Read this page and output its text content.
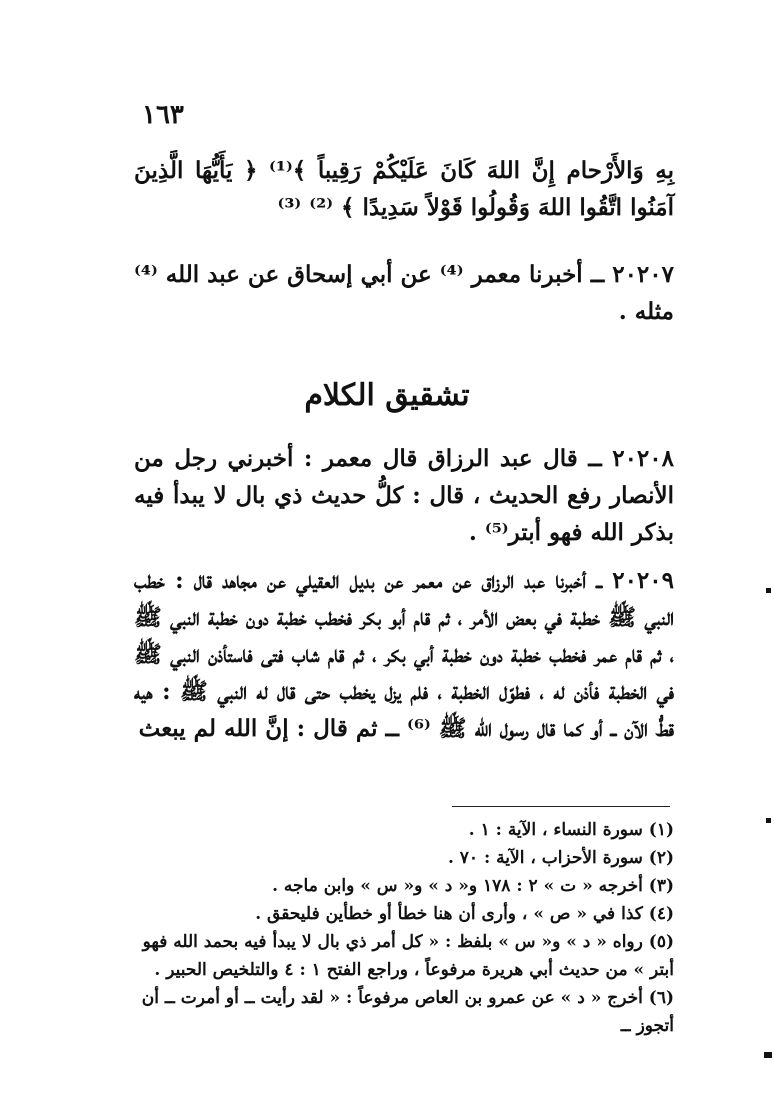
١٦٣
بِهِ وَالأَرْحام إِنَّ اللهَ كَانَ عَلَيْكُمْ رَقِيباً ﴾⁽¹⁾ ﴿ يَأَيُّهَا الَّذِينَ آمَنُوا اتَّقُوا اللهَ وَقُولُوا قَوْلاً سَدِيدًا ﴾ ⁽²⁾ ⁽³⁾
٢٠٢٠٧ ــ أخبرنا معمر ⁽⁴⁾ عن أبي إسحاق عن عبد الله ⁽⁴⁾ مثله .
تشقيق الكلام
٢٠٢٠٨ ــ قال عبد الرزاق قال معمر : أخبرني رجل من الأنصار رفع الحديث ، قال : كلُّ حديث ذي بال لا يبدأ فيه بذكر الله فهو أبتر⁽⁵⁾ .
٢٠٢٠٩ ــ أخبرنا عبد الرزاق عن معمر عن بديل العقيلي عن مجاهد قال : خطب النبي ﷺ خطبة في بعض الأمر ، ثم قام أبو بكر فخطب خطبة دون خطبة النبي ﷺ ، ثم قام عمر فخطب خطبة دون خطبة أبي بكر ، ثم قام شاب فتى فاستأذن النبي ﷺ في الخطبة فأذن له ، فطوّل الخطبة ، فلم يزل يخطب حتى قال له النبي ﷺ : هيه قطُّ الآن ــ أو كما قال رسول الله ﷺ ⁽⁶⁾ ــ ثم قال : إنَّ الله لم يبعث
(١) سورة النساء ، الآية : ١ .
(٢) سورة الأحزاب ، الآية : ٧٠ .
(٣) أخرجه « ت » ٢ : ١٧٨ و« د » و« س » وابن ماجه .
(٤) كذا في « ص » ، وأرى أن هنا خطأ أو خطأين فليحقق .
(٥) رواه « د » و« س » بلفظ : « كل أمر ذي بال لا يبدأ فيه بحمد الله فهو أبتر » من حديث أبي هريرة مرفوعاً ، وراجع الفتح ١ : ٤ والتلخيص الحبير .
(٦) أخرج « د » عن عمرو بن العاص مرفوعاً : « لقد رأيت ــ أو أمرت ــ أن أتجوز ــ
